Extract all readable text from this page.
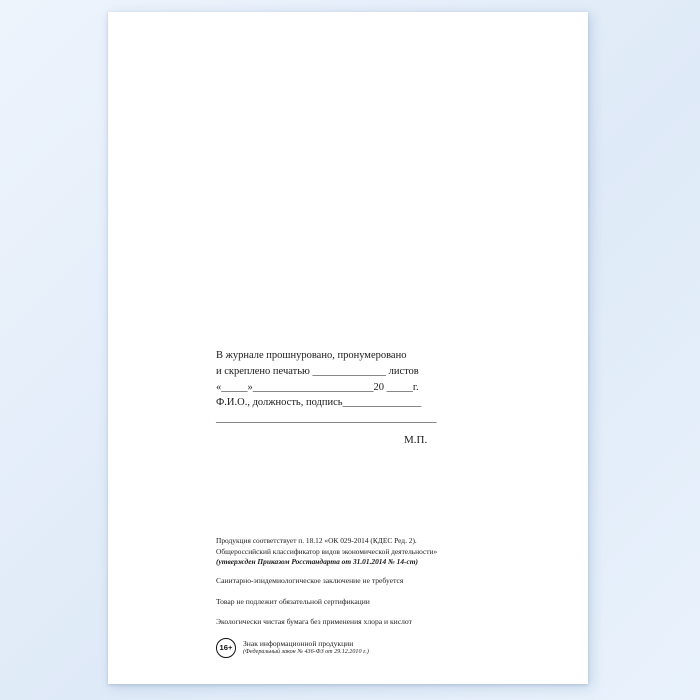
В журнале прошнуровано, пронумеровано
и скреплено печатью ______________ листов
«_____»_______________________20 _____г.
Ф.И.О., должность, подпись_______________
__________________________________________
М.П.
Продукция соответствует п. 18.12 «ОК 029-2014 (КДЕС Ред. 2).
Общероссийский классификатор видов экономической деятельности»
(утвержден Приказом Росстандарта от 31.01.2014 № 14-ст)
Санитарно-эпидемиологическое заключение не требуется
Товар не подлежит обязательной сертификации
Экологически чистая бумага без применения хлора и кислот
16+	Знак информационной продукции
(Федеральный закон № 436-ФЗ от 29.12.2010 г.)
